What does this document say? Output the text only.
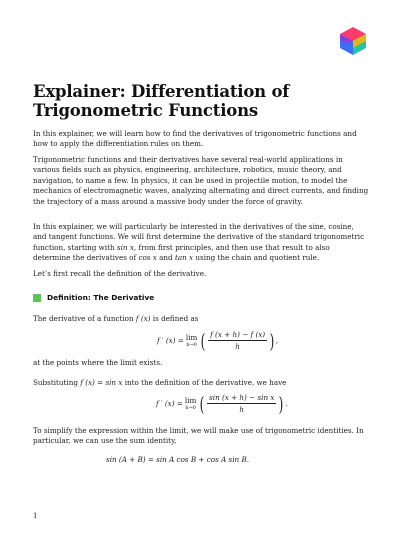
Explainer: Differentiation of Trigonometric Functions

In this explainer, we will learn how to find the derivatives of trigonometric functions and how to apply the differentiation rules on them.

Trigonometric functions and their derivatives have several real-world applications in various fields such as physics, engineering, architecture, robotics, music theory, and navigation, to name a few. In physics, it can be used in projectile motion, to model the mechanics of electromagnetic waves, analyzing alternating and direct currents, and finding the trajectory of a mass around a massive body under the force of gravity.

In this explainer, we will particularly be interested in the derivatives of the sine, cosine, and tangent functions. We will first determine the derivative of the standard trigonometric function, starting with sin x, from first principles, and then use that result to also determine the derivatives of cos x and tan x using the chain and quotient rule.

Let’s first recall the definition of the derivative.

Definition: The Derivative

The derivative of a function f (x) is defined as

f ′ (x) = lim
h→0 ( $\frac{f (x + h) - f (x)}{h}$ ) ,

at the points where the limit exists.

Substituting f (x) = sin x into the definition of the derivative, we have

f ′ (x) = lim
h→0 ( $\frac{\text{sin (x + h) − sin x}}{h}$ ) .

To simplify the expression within the limit, we will make use of trigonometric identities. In particular, we can use the sum identity,

sin (A + B) = sin A cos B + cos A sin B.
1
